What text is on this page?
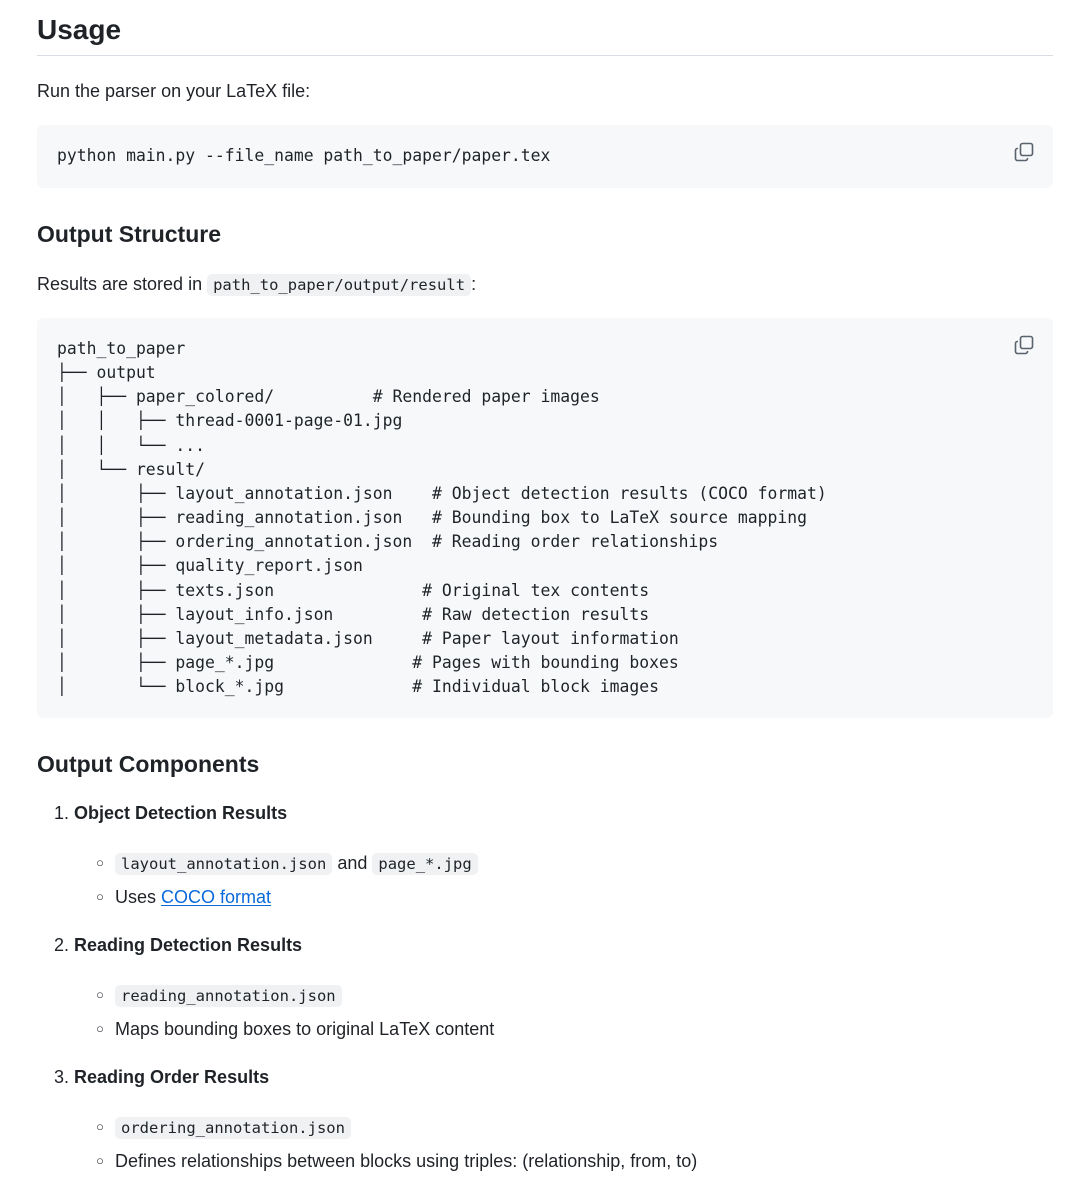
Usage

Run the parser on your LaTeX file:

python main.py --file_name path_to_paper/paper.tex
Output Structure

Results are stored in path_to_paper/output/result :

path_to_paper
├── output
│   ├── paper_colored/          # Rendered paper images
│   │   ├── thread-0001-page-01.jpg
│   │   └── ...
│   └── result/
│       ├── layout_annotation.json    # Object detection results (COCO format)
│       ├── reading_annotation.json   # Bounding box to LaTeX source mapping
│       ├── ordering_annotation.json  # Reading order relationships
│       ├── quality_report.json
│       ├── texts.json               # Original tex contents
│       ├── layout_info.json         # Raw detection results
│       ├── layout_metadata.json     # Paper layout information
│       ├── page_*.jpg              # Pages with bounding boxes
│       └── block_*.jpg             # Individual block images
Output Components
1. Object Detection Results
○	layout_annotation.json and page_*.jpg
○ Uses COCO format
2. Reading Detection Results
○	reading_annotation.json
○ Maps bounding boxes to original LaTeX content
3. Reading Order Results
○	ordering_annotation.json
○ Defines relationships between blocks using triples: (relationship, from, to)
